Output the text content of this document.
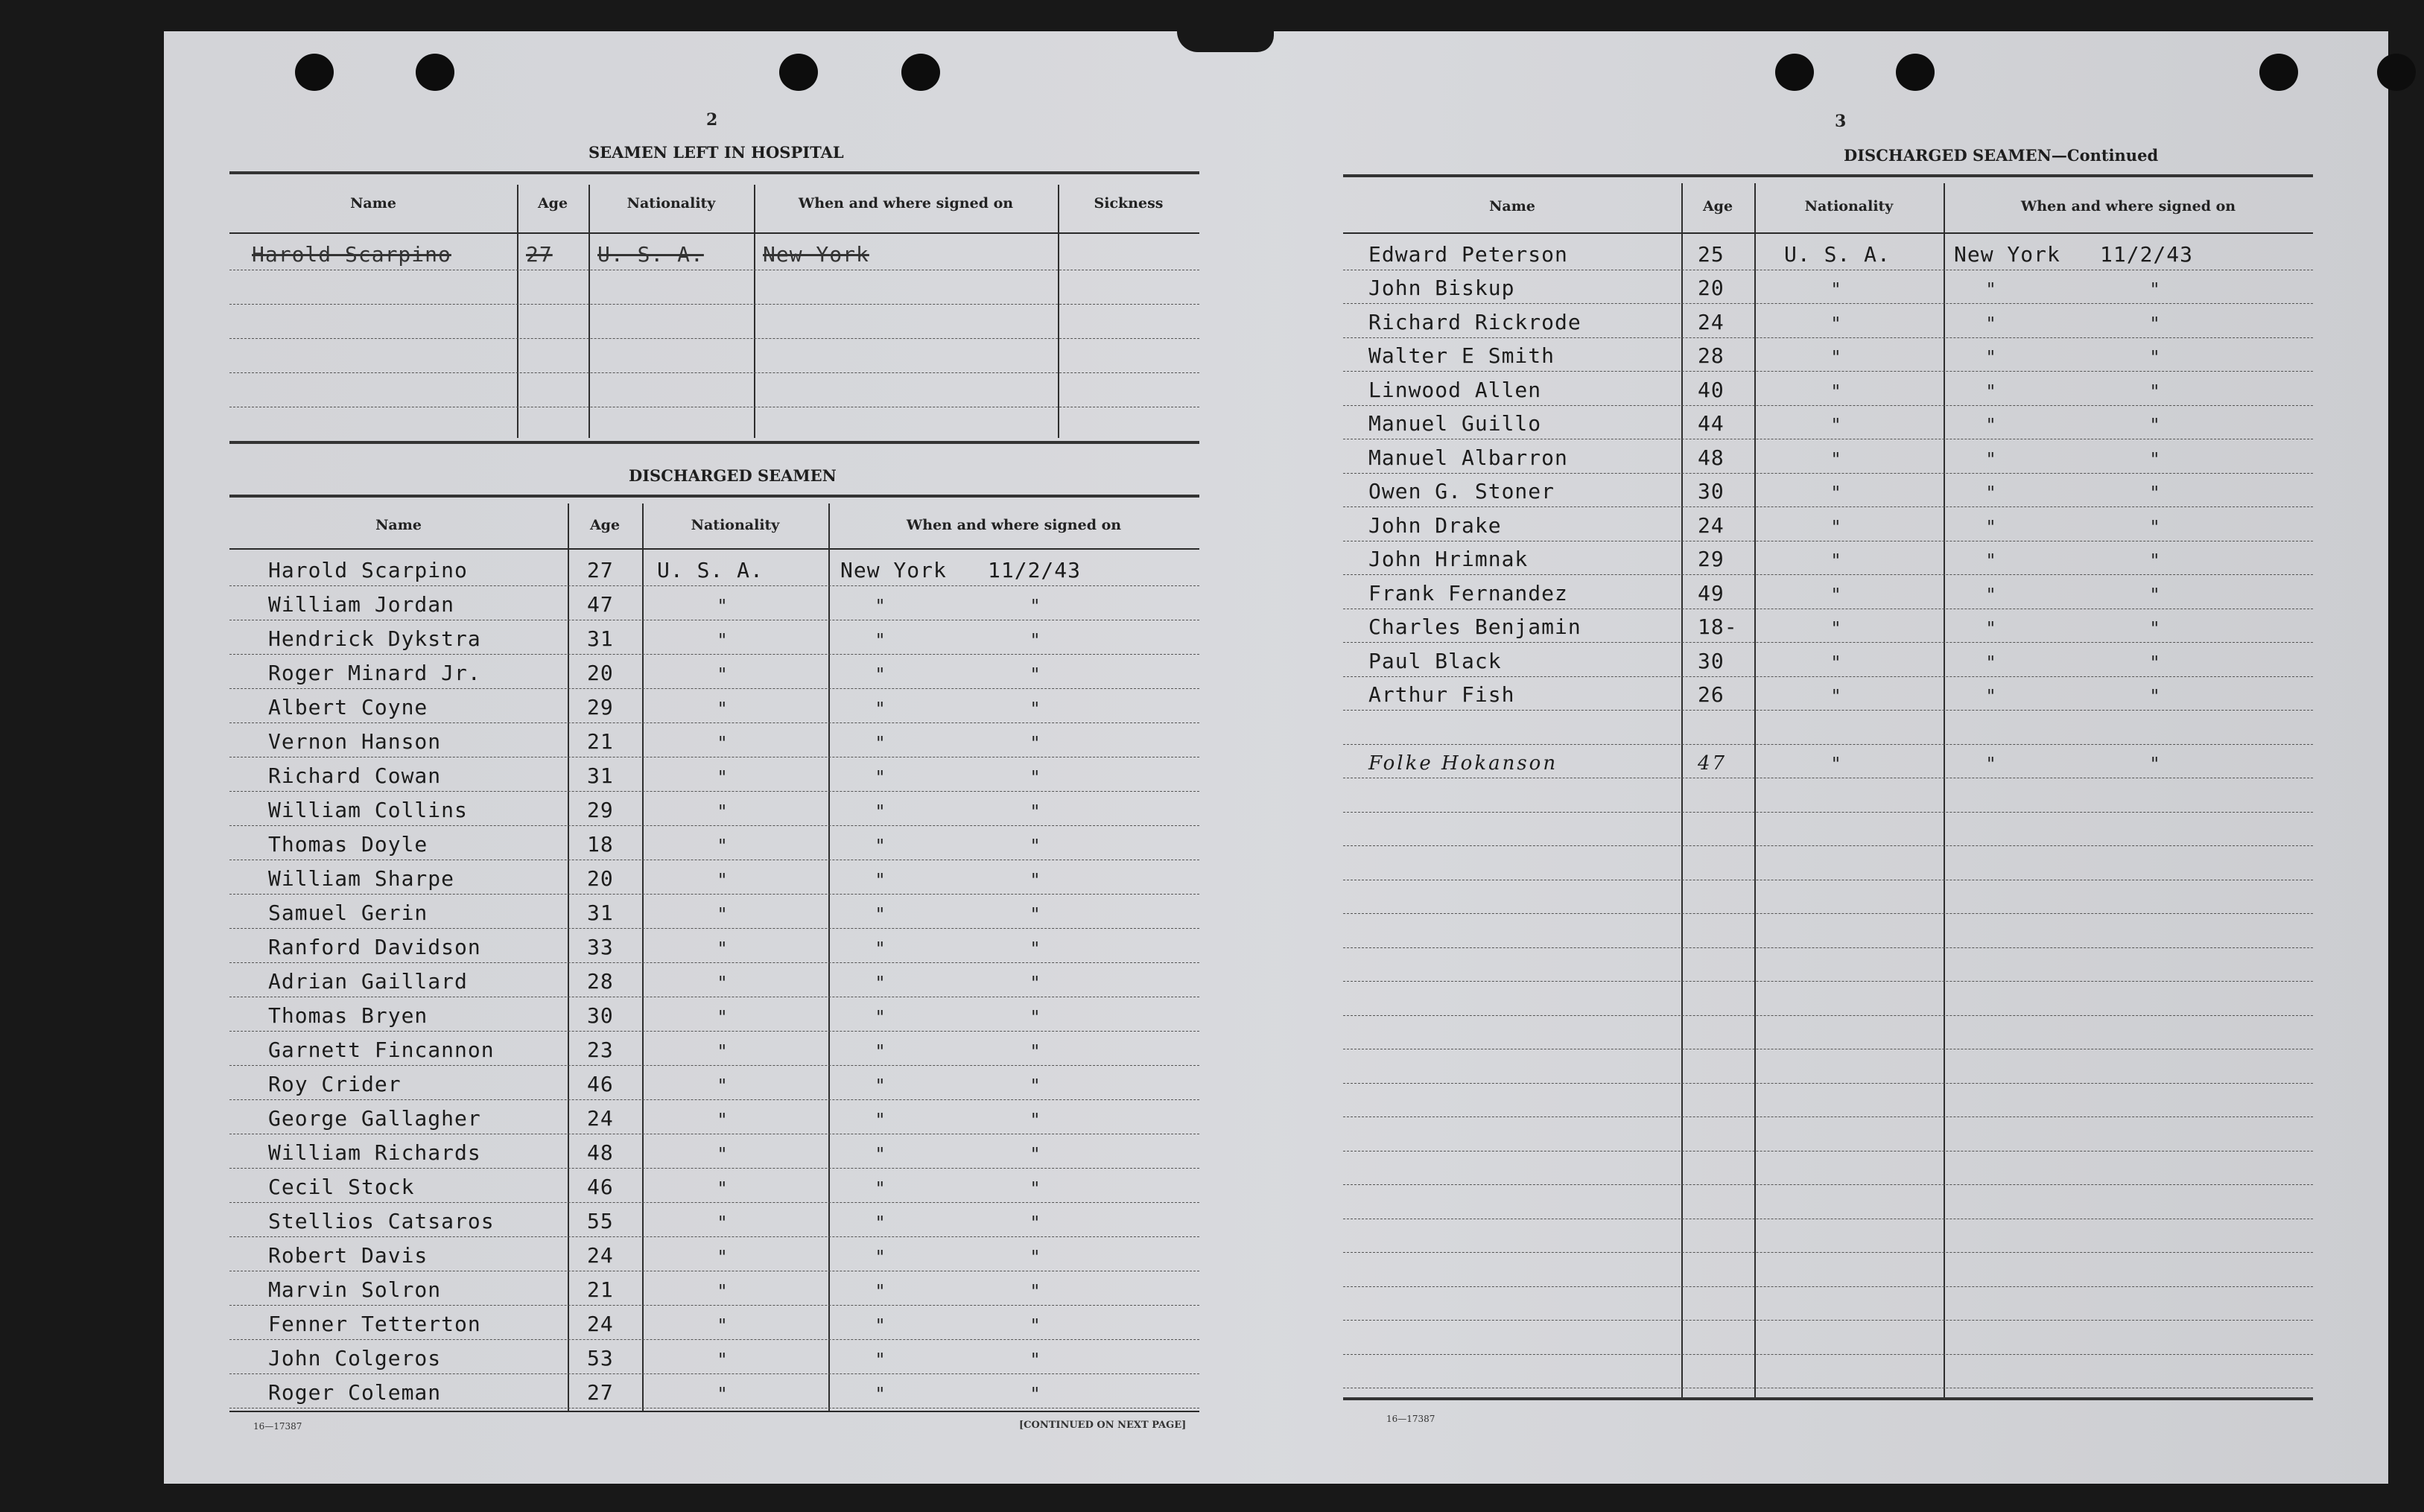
2
SEAMEN LEFT IN HOSPITAL
Name	Age	Nationality	When and where signed on	Sickness
Harold Scarpino	27 U. S. A.	New York
DISCHARGED SEAMEN
Name	Age	Nationality	When and where signed on
Harold Scarpino	27 U. S. A.	New York 11/2/43
William Jordan	47	"	"	"
Hendrick Dykstra	31	"	"	"
Roger Minard Jr.	20	"	"	"
Albert Coyne	29	"	"	"
Vernon Hanson	21	"	"	"
Richard Cowan	31	"	"	"
William Collins	29	"	"	"
Thomas Doyle	18	"	"	"
William Sharpe	20	"	"	"
Samuel Gerin	31	"	"	"
Ranford Davidson	33	"	"	"
Adrian Gaillard	28	"	"	"
Thomas Bryen	30	"	"	"
Garnett Fincannon	23	"	"	"
Roy Crider	46	"	"	"
George Gallagher	24	"	"	"
William Richards	48	"	"	"
Cecil Stock	46	"	"	"
Stellios Catsaros	55	"	"	"
Robert Davis	24	"	"	"
Marvin Solron	21	"	"	"
Fenner Tetterton	24	"	"	"
John Colgeros	53	"	"	"
Roger Coleman	27	"	"	"
16—17387	[CONTINUED ON NEXT PAGE]
3
DISCHARGED SEAMEN—Continued
Name	Age	Nationality	When and where signed on
Edward Peterson	25	U. S. A.	New York 11/2/43
John Biskup	20	"	"	"
Richard Rickrode	24	"	"	"
Walter E Smith	28	"	"	"
Linwood Allen	40	"	"	"
Manuel Guillo	44	"	"	"
Manuel Albarron	48	"	"	"
Owen G. Stoner	30	"	"	"
John Drake	24	"	"	"
John Hrimnak	29	"	"	"
Frank Fernandez	49	"	"	"
Charles Benjamin	18-	"	"	"
Paul Black	30	"	"	"
Arthur Fish	26	"	"	"
Folke Hokanson	47	"	"	"
16—17387
